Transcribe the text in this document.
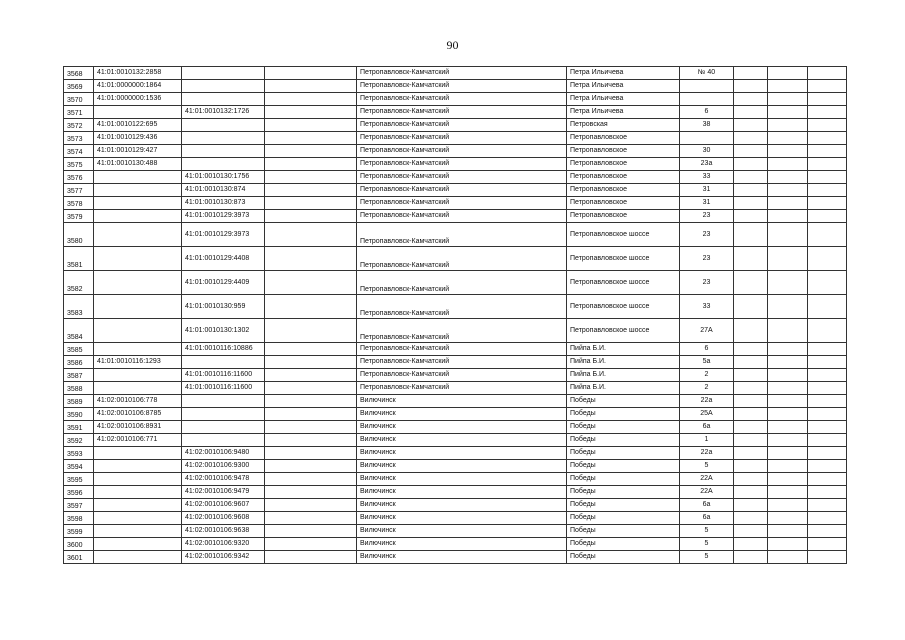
90
3568	41:01:0010132:2858			Петропавловск-Камчатский	Петра Ильичева	№ 40			
3569	41:01:0000000:1864			Петропавловск-Камчатский	Петра Ильичева				
3570	41:01:0000000:1536			Петропавловск-Камчатский	Петра Ильичева				
3571		41:01:0010132:1726		Петропавловск-Камчатский	Петра Ильичева	6			
3572	41:01:0010122:695			Петропавловск-Камчатский	Петровская	38			
3573	41:01:0010129:436			Петропавловск-Камчатский	Петропавловское				
3574	41:01:0010129:427			Петропавловск-Камчатский	Петропавловское	30			
3575	41:01:0010130:488			Петропавловск-Камчатский	Петропавловское	23а			
3576		41:01:0010130:1756		Петропавловск-Камчатский	Петропавловское	33			
3577		41:01:0010130:874		Петропавловск-Камчатский	Петропавловское	31			
3578		41:01:0010130:873		Петропавловск-Камчатский	Петропавловское	31			
3579		41:01:0010129:3973		Петропавловск-Камчатский	Петропавловское	23			
3580		41:01:0010129:3973		Петропавловск-Камчатский	Петропавловское шоссе	23			
3581		41:01:0010129:4408		Петропавловск-Камчатский	Петропавловское шоссе	23			
3582		41:01:0010129:4409		Петропавловск-Камчатский	Петропавловское шоссе	23			
3583		41:01:0010130:959		Петропавловск-Камчатский	Петропавловское шоссе	33			
3584		41:01:0010130:1302		Петропавловск-Камчатский	Петропавловское шоссе	27А			
3585		41:01:0010116:10886		Петропавловск-Камчатский	Пийпа Б.И.	6			
3586	41:01:0010116:1293			Петропавловск-Камчатский	Пийпа Б.И.	5а			
3587		41:01:0010116:11600		Петропавловск-Камчатский	Пийпа Б.И.	2			
3588		41:01:0010116:11600		Петропавловск-Камчатский	Пийпа Б.И.	2			
3589	41:02:0010106:778			Вилючинск	Победы	22а			
3590	41:02:0010106:8785			Вилючинск	Победы	25А			
3591	41:02:0010106:8931			Вилючинск	Победы	6а			
3592	41:02:0010106:771			Вилючинск	Победы	1			
3593		41:02:0010106:9480		Вилючинск	Победы	22а			
3594		41:02:0010106:9300		Вилючинск	Победы	5			
3595		41:02:0010106:9478		Вилючинск	Победы	22А			
3596		41:02:0010106:9479		Вилючинск	Победы	22А			
3597		41:02:0010106:9607		Вилючинск	Победы	6а			
3598		41:02:0010106:9608		Вилючинск	Победы	6а			
3599		41:02:0010106:9638		Вилючинск	Победы	5			
3600		41:02:0010106:9320		Вилючинск	Победы	5			
3601		41:02:0010106:9342		Вилючинск	Победы	5			
